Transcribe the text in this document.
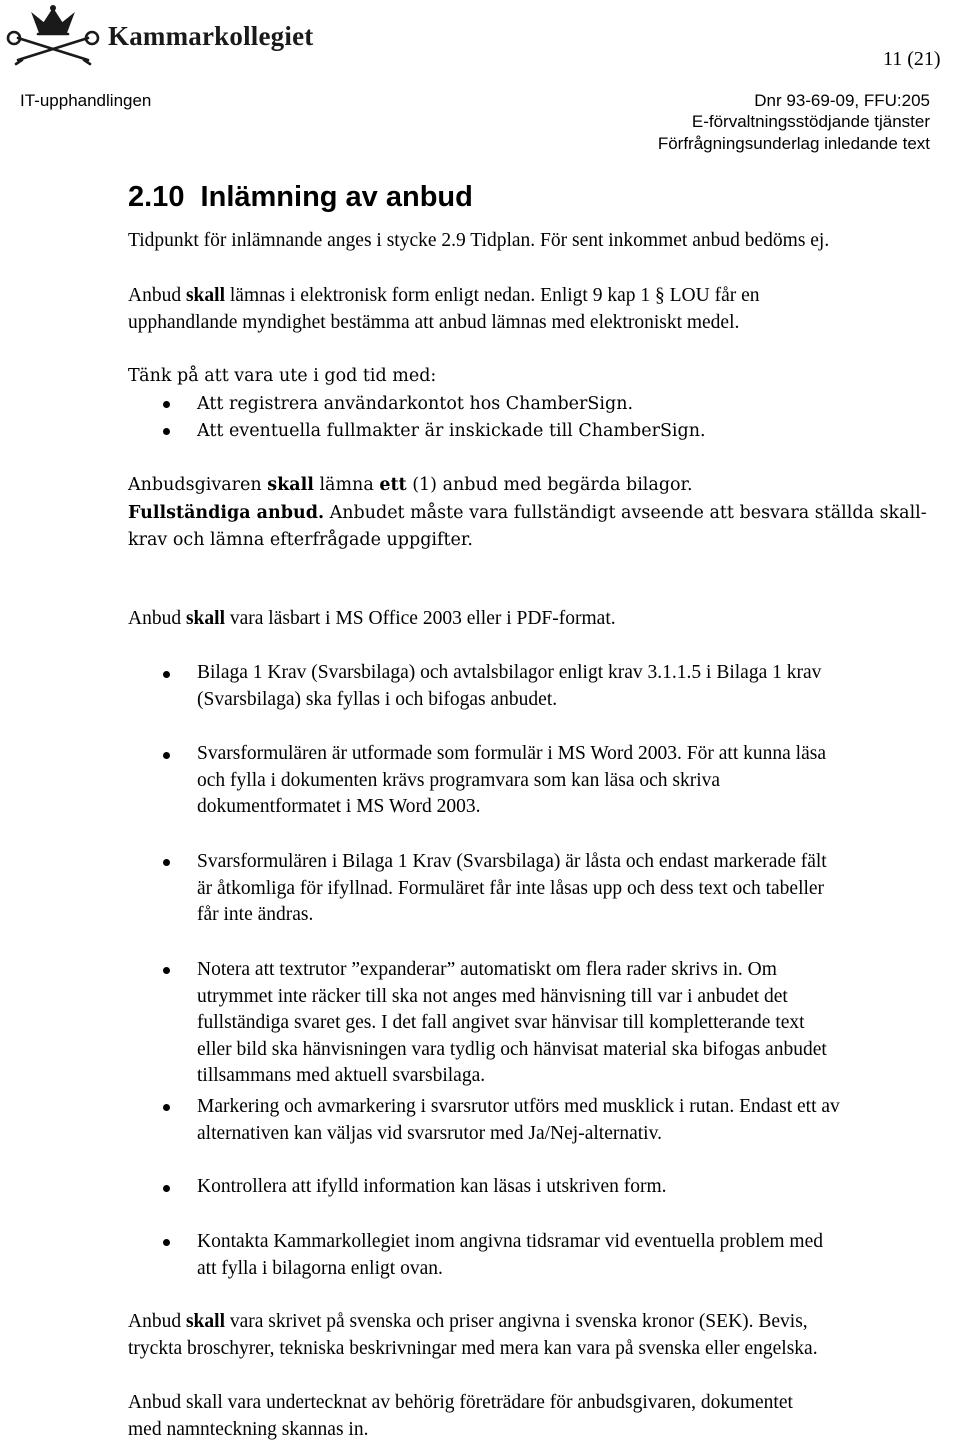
Kammarkollegiet
11 (21)
IT-upphandlingen	Dnr 93-69-09, FFU:205
E-förvaltningsstödjande tjänster
Förfrågningsunderlag inledande text
2.10  Inlämning av anbud

Tidpunkt för inlämnande anges i stycke 2.9 Tidplan. För sent inkommet anbud bedöms ej.

Anbud skall lämnas i elektronisk form enligt nedan. Enligt 9 kap 1 § LOU får en

upphandlande myndighet bestämma att anbud lämnas med elektroniskt medel.

Tänk på att vara ute i god tid med:
Att registrera användarkontot hos ChamberSign.
Att eventuella fullmakter är inskickade till ChamberSign.

Anbudsgivaren skall lämna ett (1) anbud med begärda bilagor.

Fullständiga anbud. Anbudet måste vara fullständigt avseende att besvara ställda skall-

krav och lämna efterfrågade uppgifter.

Anbud skall vara läsbart i MS Office 2003 eller i PDF-format.

Bilaga 1 Krav (Svarsbilaga) och avtalsbilagor enligt krav 3.1.1.5 i Bilaga 1 krav

(Svarsbilaga) ska fyllas i och bifogas anbudet.

Svarsformulären är utformade som formulär i MS Word 2003. För att kunna läsa

och fylla i dokumenten krävs programvara som kan läsa och skriva

dokumentformatet i MS Word 2003.

Svarsformulären i Bilaga 1 Krav (Svarsbilaga) är låsta och endast markerade fält

är åtkomliga för ifyllnad. Formuläret får inte låsas upp och dess text och tabeller

får inte ändras.

Notera att textrutor ”expanderar” automatiskt om flera rader skrivs in. Om

utrymmet inte räcker till ska not anges med hänvisning till var i anbudet det

fullständiga svaret ges. I det fall angivet svar hänvisar till kompletterande text

eller bild ska hänvisningen vara tydlig och hänvisat material ska bifogas anbudet

tillsammans med aktuell svarsbilaga.

Markering och avmarkering i svarsrutor utförs med musklick i rutan. Endast ett av

alternativen kan väljas vid svarsrutor med Ja/Nej-alternativ.

Kontrollera att ifylld information kan läsas i utskriven form.

Kontakta Kammarkollegiet inom angivna tidsramar vid eventuella problem med

att fylla i bilagorna enligt ovan.

Anbud skall vara skrivet på svenska och priser angivna i svenska kronor (SEK). Bevis,

tryckta broschyrer, tekniska beskrivningar med mera kan vara på svenska eller engelska.

Anbud skall vara undertecknat av behörig företrädare för anbudsgivaren, dokumentet

med namnteckning skannas in.
